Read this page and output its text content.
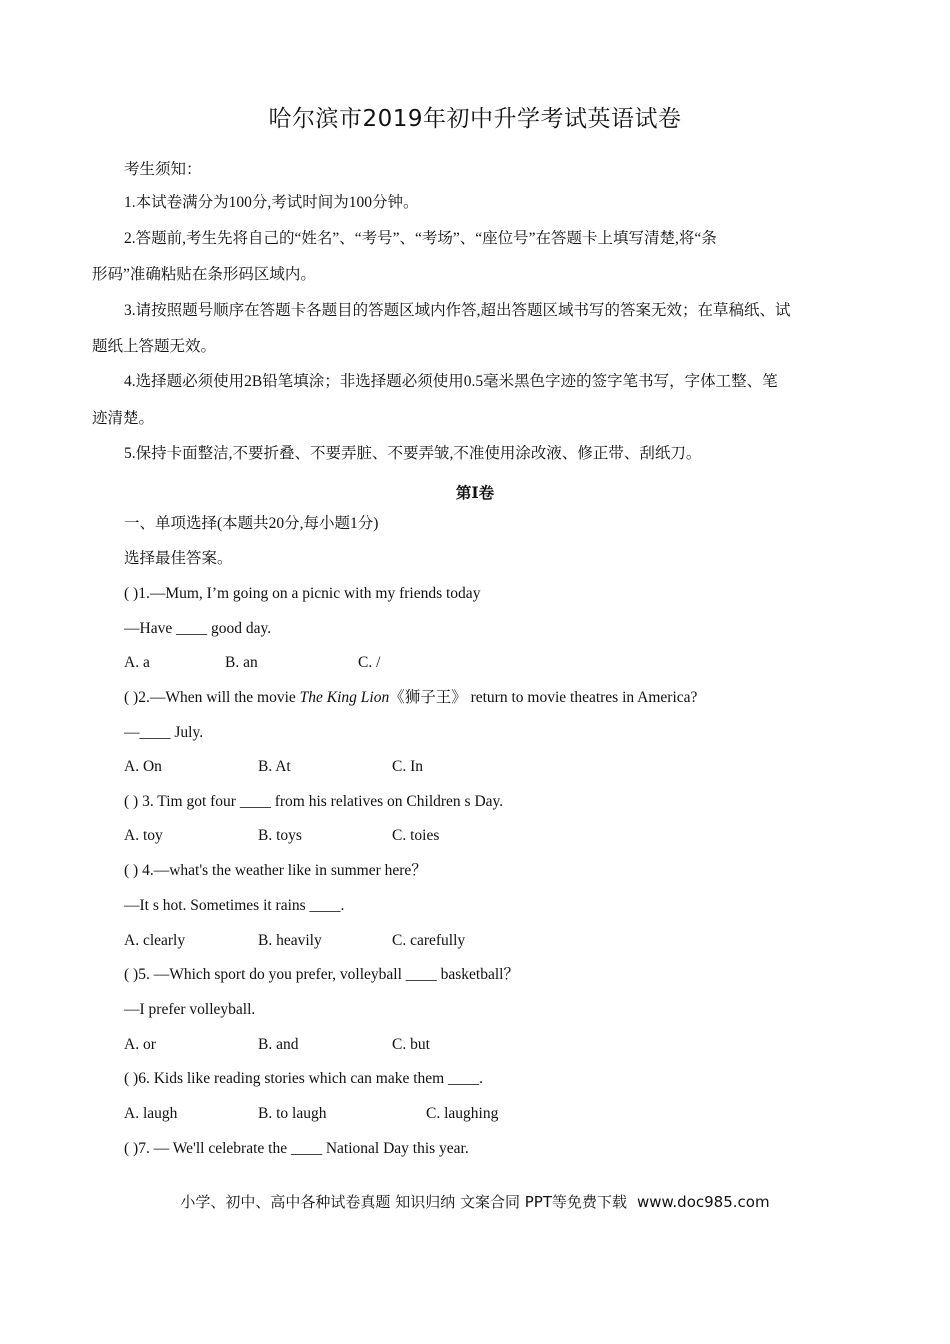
哈尔滨市2019年初中升学考试英语试卷
考生须知：
1.本试卷满分为100分,考试时间为100分钟。
2.答题前,考生先将自己的“姓名”、“考号”、“考场”、“座位号”在答题卡上填写清楚,将“条
形码”准确粘贴在条形码区域内。
3.请按照题号顺序在答题卡各题目的答题区域内作答,超出答题区域书写的答案无效；在草稿纸、试
题纸上答题无效。
4.选择题必须使用2B铅笔填涂；非选择题必须使用0.5毫米黑色字迹的签字笔书写，字体工整、笔
迹清楚。
5.保持卡面整洁,不要折叠、不要弄脏、不要弄皱,不准使用涂改液、修正带、刮纸刀。
第Ⅰ卷
一、单项选择(本题共20分,每小题1分)
选择最佳答案。
( )1.—Mum, I’m going on a picnic with my friends today
—Have ____ good day.
A. a	B. an	C. /
( )2.—When will the movie The King Lion《狮子王》 return to movie theatres in America?
—____ July.
A. On	B. At	C. In
( ) 3. Tim got four ____ from his relatives on Children s Day.
A. toy	B. toys	C. toies
( ) 4.—what's the weather like in summer here？
—It s hot. Sometimes it rains ____.
A. clearly	B. heavily	C. carefully
( )5. —Which sport do you prefer, volleyball ____ basketball？
—I prefer volleyball.
A. or	B. and	C. but
( )6. Kids like reading stories which can make them ____.
A. laugh	B. to laugh	C. laughing
( )7. — We'll celebrate the ____ National Day this year.
小学、初中、高中各种试卷真题 知识归纳 文案合同 PPT等免费下载 www.doc985.com
